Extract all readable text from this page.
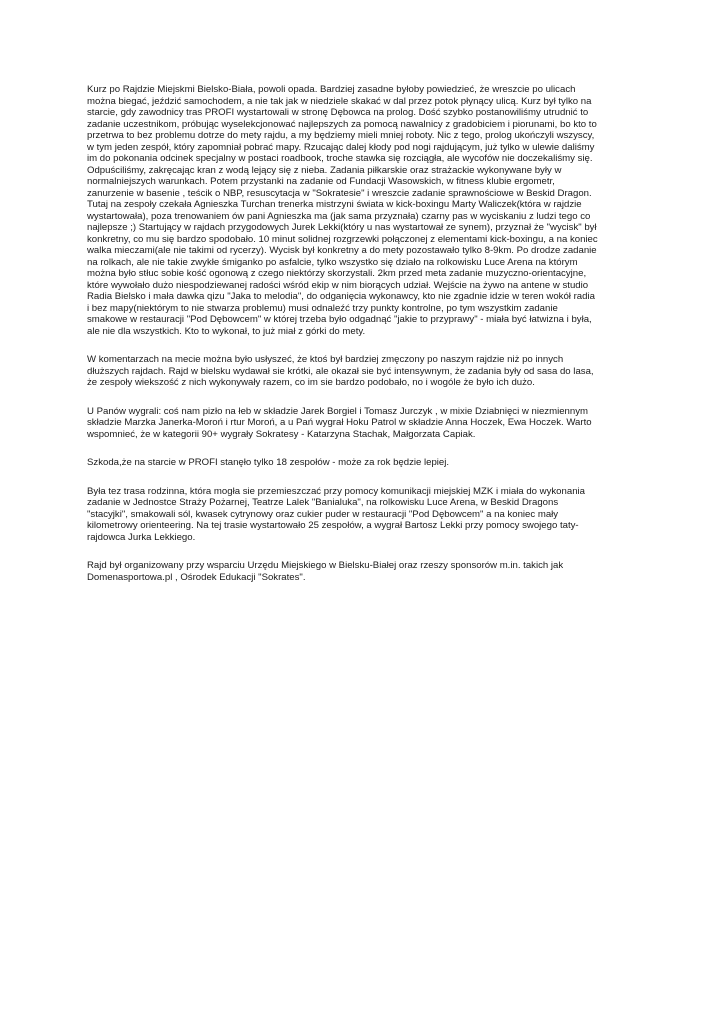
Kurz po Rajdzie Miejskmi Bielsko-Biała, powoli opada. Bardziej zasadne byłoby powiedzieć, że wreszcie po ulicach
można biegać, jeździć samochodem, a nie tak jak w niedziele skakać w dal przez potok płynący ulicą. Kurz był tylko na
starcie, gdy zawodnicy tras PROFI wystartowali w stronę Dębowca na prolog. Dość szybko postanowiliśmy utrudnić to
zadanie uczestnikom, próbując wyselekcjonować najlepszych za pomocą nawalnicy z gradobiciem i piorunami, bo kto to
przetrwa to bez problemu dotrze do mety rajdu, a my będziemy mieli mniej roboty. Nic z tego, prolog ukończyli wszyscy,
w tym jeden zespół, który zapomniał pobrać mapy. Rzucając dalej kłody pod nogi rajdującym, już tylko w ulewie daliśmy
im do pokonania odcinek specjalny w postaci roadbook, troche stawka się rozciągła, ale wycofów nie doczekaliśmy się.
Odpuściliśmy, zakręcając kran z wodą lejący się z nieba. Zadania piłkarskie oraz strażackie wykonywane były w
normalniejszych warunkach. Potem przystanki na zadanie od Fundacji Wasowskich, w fitness klubie ergometr,
zanurzenie w basenie , teścik o NBP, resuscytacja w "Sokratesie" i wreszcie zadanie sprawnościowe w Beskid Dragon.
Tutaj na zespoły czekała Agnieszka Turchan trenerka mistrzyni świata w kick-boxingu Marty Waliczek(która w rajdzie
wystartowała), poza trenowaniem ów pani Agnieszka ma (jak sama przyznała) czarny pas w wyciskaniu z ludzi tego co
najlepsze ;) Startujący w rajdach przygodowych Jurek Lekki(który u nas wystartował ze synem), przyznał że "wycisk" był
konkretny, co mu się bardzo spodobało. 10 minut solidnej rozgrzewki połączonej z elementami kick-boxingu, a na koniec
walka mieczami(ale nie takimi od rycerzy). Wycisk był konkretny a do mety pozostawało tylko 8-9km. Po drodze zadanie
na rolkach, ale nie takie zwykłe śmiganko po asfalcie, tylko wszystko się działo na rolkowisku Luce Arena na którym
można było stłuc sobie kość ogonową z czego niektórzy skorzystali. 2km przed meta zadanie muzyczno-orientacyjne,
które wywołało dużo niespodziewanej radości wśród ekip w nim biorących udział. Wejście na żywo na antene w studio
Radia Bielsko i mała dawka qizu "Jaka to melodia", do odganięcia wykonawcy, kto nie zgadnie idzie w teren wokół radia
i bez mapy(niektórym to nie stwarza problemu) musi odnaleźć trzy punkty kontrolne, po tym wszystkim zadanie
smakowe w restauracji "Pod Dębowcem" w której trzeba było odgadnąć "jakie to przyprawy" - miała być łatwizna i była,
ale nie dla wszystkich. Kto to wykonał, to już miał z górki do mety.

W komentarzach na mecie można było usłyszeć, że ktoś był bardziej zmęczony po naszym rajdzie niż po innych
dłuższych rajdach. Rajd w bielsku wydawał sie krótki, ale okazał sie być intensywnym, że zadania były od sasa do lasa,
że zespoły wiekszość z nich wykonywały razem, co im sie bardzo podobało, no i wogóle że było ich dużo.

U Panów wygrali: coś nam pizło na łeb w składzie Jarek Borgiel i Tomasz Jurczyk , w mixie Dziabnięci w niezmiennym
składzie Marzka Janerka-Moroń i rtur Moroń, a u Pań wygrał Hoku Patrol w składzie Anna Hoczek, Ewa Hoczek. Warto
wspomnieć, że w kategorii 90+ wygrały Sokratesy - Katarzyna Stachak, Małgorzata Capiak.

Szkoda,że na starcie w PROFI stanęło tylko 18 zespołów - może za rok będzie lepiej.

Była tez trasa rodzinna, która mogła sie przemieszczać przy pomocy komunikacji miejskiej MZK i miała do wykonania
zadanie w Jednostce Straży Pożarnej, Teatrze Lalek "Banialuka", na rolkowisku Luce Arena, w Beskid Dragons
"stacyjki", smakowali sól, kwasek cytrynowy oraz cukier puder w restauracji "Pod Dębowcem" a na koniec mały
kilometrowy orienteering. Na tej trasie wystartowało 25 zespołów, a wygrał Bartosz Lekki przy pomocy swojego taty-
rajdowca Jurka Lekkiego.

Rajd był organizowany przy wsparciu Urzędu Miejskiego w Bielsku-Białej oraz rzeszy sponsorów m.in. takich jak
Domenasportowa.pl , Ośrodek Edukacji "Sokrates".
